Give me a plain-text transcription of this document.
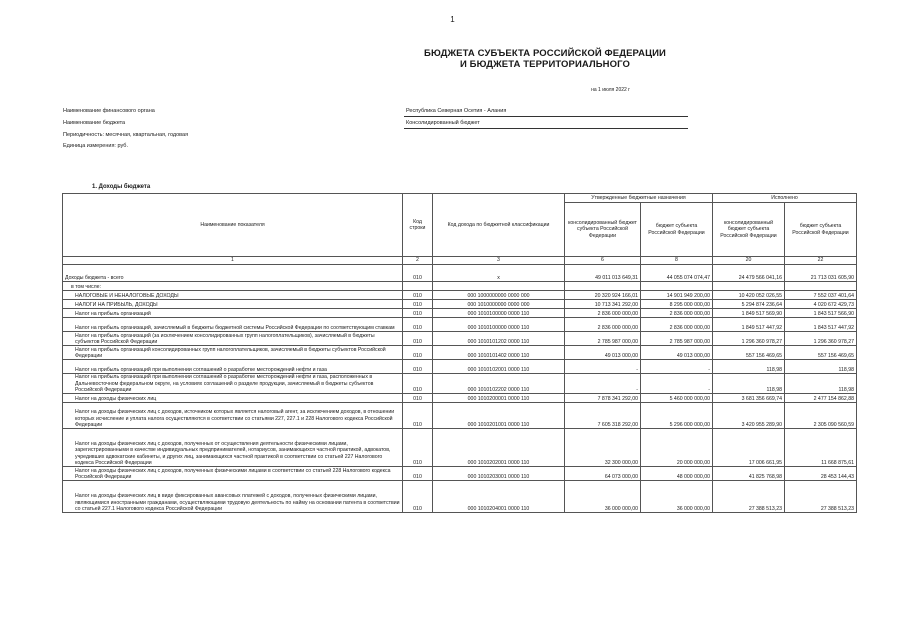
1
БЮДЖЕТА СУБЪЕКТА РОССИЙСКОЙ ФЕДЕРАЦИИ
И БЮДЖЕТА ТЕРРИТОРИАЛЬНОГО
на 1 июля 2022 г
Наименование финансового органа	Республика Северная Осетия - Алания
Наименование бюджета	Консолидированный бюджет
Периодичность: месячная, квартальная, годовая
Единица измерения: руб.
1. Доходы бюджета
Наименование показателя	Код строки	Код дохода по бюджетной классификации	Утвержденные бюджетные назначения		Исполнено	
			консолидированный бюджет субъекта Российской Федерации	бюджет субъекта Российской Федерации	консолидированный бюджет субъекта Российской Федерации	бюджет субъекта Российской Федерации
1	2	3	6	8	20	22
Доходы бюджета - всего	010	x	49 011 013 649,31	44 055 074 074,47	24 479 566 041,16	21 713 031 605,90
в том числе:						
НАЛОГОВЫЕ И НЕНАЛОГОВЫЕ ДОХОДЫ	010	000 1000000000 0000 000	20 320 924 166,01	14 901 949 200,00	10 420 052 026,55	7 552 037 401,64
НАЛОГИ НА ПРИБЫЛЬ, ДОХОДЫ	010	000 1010000000 0000 000	10 713 341 292,00	8 295 000 000,00	5 294 874 236,64	4 020 672 429,73
Налог на прибыль организаций	010	000 1010100000 0000 110	2 836 000 000,00	2 836 000 000,00	1 849 517 569,90	1 843 517 566,90
Налог на прибыль организаций, зачисляемый в бюджеты бюджетной системы Российской Федерации по соответствующим ставкам	010	000 1010100000 0000 110	2 836 000 000,00	2 836 000 000,00	1 849 517 447,92	1 843 517 447,92
Налог на прибыль организаций (за исключением консолидированных групп налогоплательщиков), зачисляемый в бюджеты субъектов Российской Федерации	010	000 1010101202 0000 110	2 785 987 000,00	2 785 987 000,00	1 296 360 978,27	1 296 360 978,27
Налог на прибыль организаций консолидированных групп налогоплательщиков, зачисляемый в бюджеты субъектов Российской Федерации	010	000 1010101402 0000 110	49 013 000,00	49 013 000,00	557 156 469,65	557 156 469,65
Налог на прибыль организаций при выполнении соглашений о разработке месторождений нефти и газа	010	000 1010102001 0000 110	-	-	118,98	118,98
Налог на прибыль организаций при выполнении соглашений о разработке месторождений нефти и газа, расположенных в Дальневосточном федеральном округе, на условиях соглашений о разделе продукции, зачисляемый в бюджеты субъектов Российской Федерации	010	000 1010102202 0000 110	-	-	118,98	118,98
Налог на доходы физических лиц	010	000 1010200001 0000 110	7 878 341 292,00	5 460 000 000,00	3 681 356 669,74	2 477 154 862,88
Налог на доходы физических лиц с доходов, источником которых является налоговый агент, за исключением доходов, в отношении которых исчисление и уплата налога осуществляются в соответствии со статьями 227, 227.1 и 228 Налогового кодекса Российской Федерации	010	000 1010201001 0000 110	7 605 318 292,00	5 296 000 000,00	3 420 955 289,90	2 305 090 560,59
Налог на доходы физических лиц с доходов, полученных от осуществления деятельности физическими лицами, зарегистрированными в качестве индивидуальных предпринимателей, нотариусов, занимающихся частной практикой, адвокатов, учредивших адвокатские кабинеты, и других лиц, занимающихся частной практикой в соответствии со статьей 227 Налогового кодекса Российской Федерации	010	000 1010202001 0000 110	32 300 000,00	20 000 000,00	17 006 661,95	11 668 875,61
Налог на доходы физических лиц с доходов, полученных физическими лицами в соответствии со статьей 228 Налогового кодекса Российской Федерации	010	000 1010203001 0000 110	64 073 000,00	48 000 000,00	41 825 768,98	28 453 144,43
Налог на доходы физических лиц в виде фиксированных авансовых платежей с доходов, полученных физическими лицами, являющимися иностранными гражданами, осуществляющими трудовую деятельность по найму на основании патента в соответствии со статьей 227.1 Налогового кодекса Российской Федерации	010	000 1010204001 0000 110	36 000 000,00	36 000 000,00	27 388 513,23	27 388 513,23
